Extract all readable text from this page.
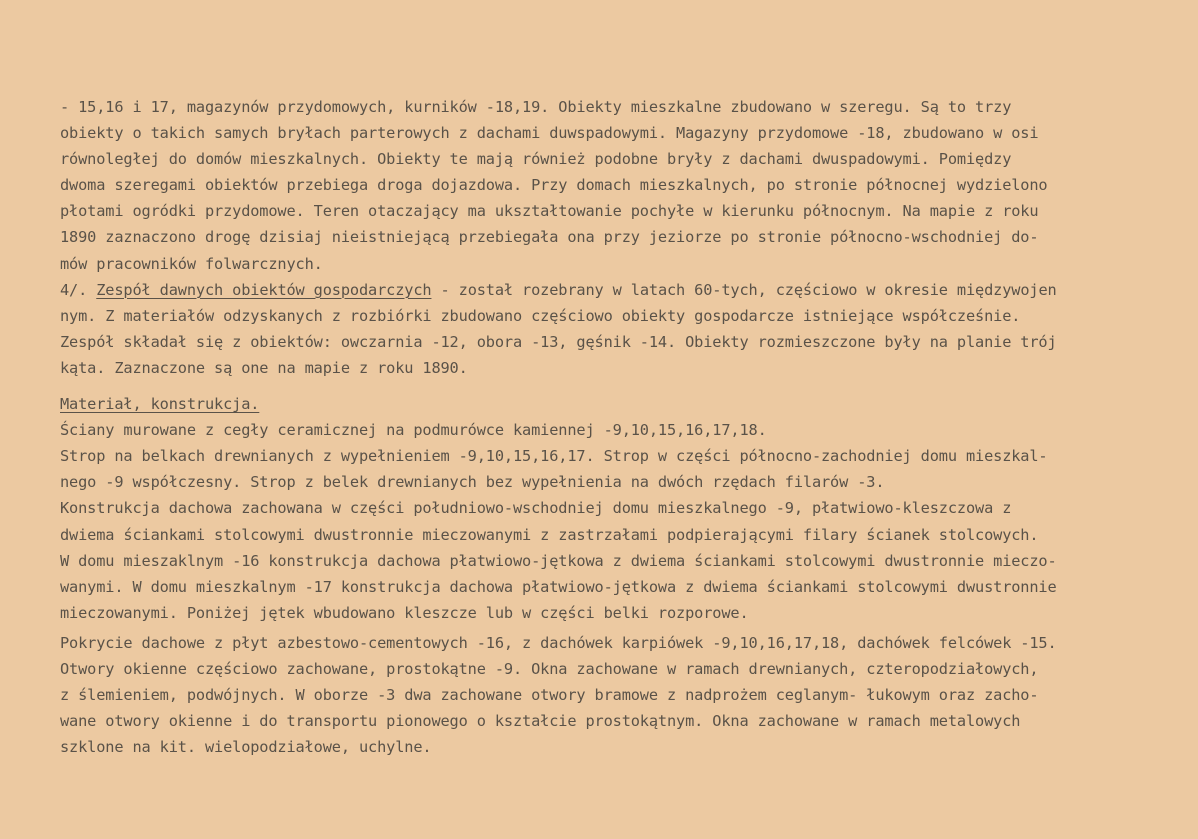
- 15,16 i 17, magazynów przydomowych, kurników -18,19. Obiekty mieszkalne zbudowano w szeregu. Są to trzy
obiekty o takich samych bryłach parterowych z dachami duwspadowymi. Magazyny przydomowe -18, zbudowano w osi
równoległej do domów mieszkalnych. Obiekty te mają również podobne bryły z dachami dwuspadowymi. Pomiędzy
dwoma szeregami obiektów przebiega droga dojazdowa. Przy domach mieszkalnych, po stronie północnej wydzielono
płotami ogródki przydomowe. Teren otaczający ma ukształtowanie pochyłe w kierunku północnym. Na mapie z roku
1890 zaznaczono drogę dzisiaj nieistniejącą przebiegała ona przy jeziorze po stronie północno-wschodniej do-
mów pracowników folwarcznych.
4/. Zespół dawnych obiektów gospodarczych - został rozebrany w latach 60-tych, częściowo w okresie międzywojen
nym. Z materiałów odzyskanych z rozbiórki zbudowano częściowo obiekty gospodarcze istniejące współcześnie.
Zespół składał się z obiektów: owczarnia -12, obora -13, gęśnik -14. Obiekty rozmieszczone były na planie trój
kąta. Zaznaczone są one na mapie z roku 1890.
Materiał, konstrukcja.
Ściany murowane z cegły ceramicznej na podmurówce kamiennej -9,10,15,16,17,18.
Strop na belkach drewnianych z wypełnieniem -9,10,15,16,17. Strop w części północno-zachodniej domu mieszkal-
nego -9 współczesny. Strop z belek drewnianych bez wypełnienia na dwóch rzędach filarów -3.
Konstrukcja dachowa zachowana w części południowo-wschodniej domu mieszkalnego -9, płatwiowo-kleszczowa z
dwiema ściankami stolcowymi dwustronnie mieczowanymi z zastrzałami podpierającymi filary ścianek stolcowych.
W domu mieszaklnym -16 konstrukcja dachowa płatwiowo-jętkowa z dwiema ściankami stolcowymi dwustronnie mieczo-
wanymi. W domu mieszkalnym -17 konstrukcja dachowa płatwiowo-jętkowa z dwiema ściankami stolcowymi dwustronnie
mieczowanymi. Poniżej jętek wbudowano kleszcze lub w części belki rozporowe.
Pokrycie dachowe z płyt azbestowo-cementowych -16, z dachówek karpiówek -9,10,16,17,18, dachówek felcówek -15.
Otwory okienne częściowo zachowane, prostokątne -9. Okna zachowane w ramach drewnianych, czteropodziałowych,
z ślemieniem, podwójnych. W oborze -3 dwa zachowane otwory bramowe z nadprożem ceglanym- łukowym oraz zacho-
wane otwory okienne i do transportu pionowego o kształcie prostokątnym. Okna zachowane w ramach metalowych
szklone na kit. wielopodziałowe, uchylne.
